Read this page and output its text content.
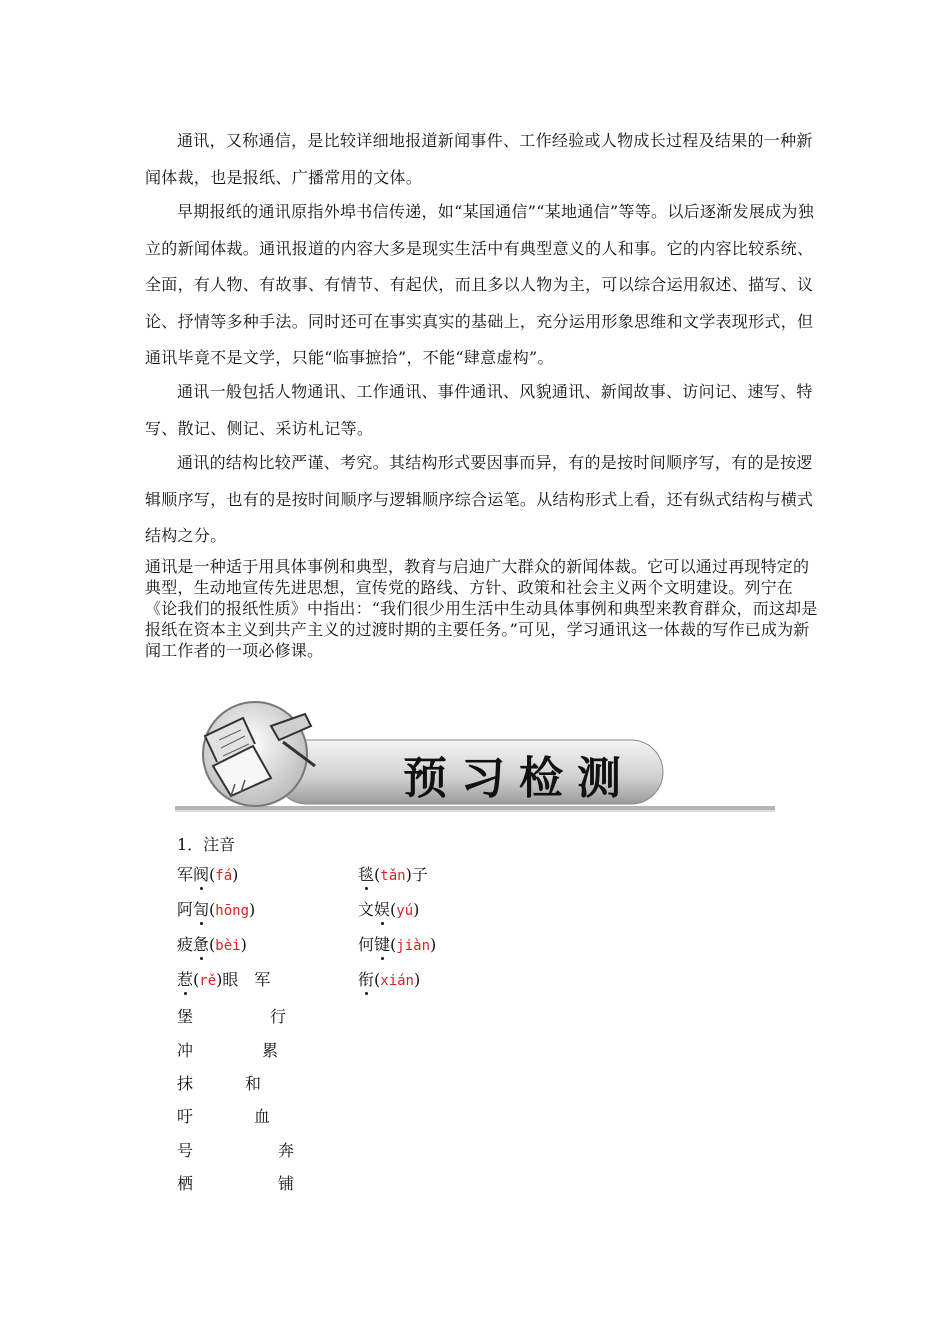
通讯，又称通信，是比较详细地报道新闻事件、工作经验或人物成长过程及结果的一种新闻体裁，也是报纸、广播常用的文体。

早期报纸的通讯原指外埠书信传递，如“某国通信”“某地通信”等等。以后逐渐发展成为独立的新闻体裁。通讯报道的内容大多是现实生活中有典型意义的人和事。它的内容比较系统、全面，有人物、有故事、有情节、有起伏，而且多以人物为主，可以综合运用叙述、描写、议论、抒情等多种手法。同时还可在事实真实的基础上，充分运用形象思维和文学表现形式，但通讯毕竟不是文学，只能“临事摭拾”，不能“肆意虚构”。

通讯一般包括人物通讯、工作通讯、事件通讯、风貌通讯、新闻故事、访问记、速写、特写、散记、侧记、采访札记等。

通讯的结构比较严谨、考究。其结构形式要因事而异，有的是按时间顺序写，有的是按逻辑顺序写，也有的是按时间顺序与逻辑顺序综合运笔。从结构形式上看，还有纵式结构与横式结构之分。

通讯是一种适于用具体事例和典型，教育与启迪广大群众的新闻体裁。它可以通过再现特定的典型，生动地宣传先进思想，宣传党的路线、方针、政策和社会主义两个文明建设。列宁在《论我们的报纸性质》中指出：“我们很少用生活中生动具体事例和典型来教育群众，而这却是报纸在资本主义到共产主义的过渡时期的主要任务。”可见，学习通讯这一体裁的写作已成为新闻工作者的一项必修课。

预习检测
1．注音
军阀(fá)	毯(tǎn)子
阿訇(hōng)	文娱(yú)
疲惫(bèi)	何键(jiàn)
惹(rě)眼　军	衔(xián)
堡	行
冲	累
抹	和
吁	血
号	奔
栖	铺
